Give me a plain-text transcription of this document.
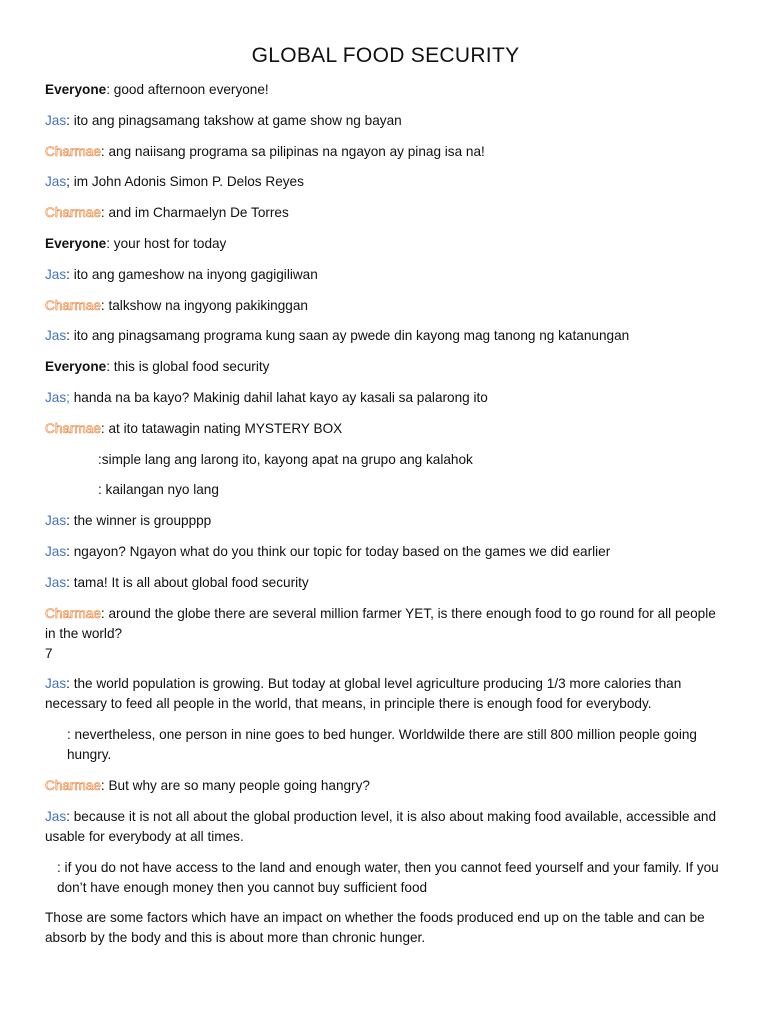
GLOBAL FOOD SECURITY

Everyone: good afternoon everyone!

Jas: ito ang pinagsamang takshow at game show ng bayan

Charmae: ang naiisang programa sa pilipinas na ngayon ay pinag isa na!

Jas; im John Adonis Simon P. Delos Reyes

Charmae: and im Charmaelyn De Torres

Everyone: your host for today

Jas: ito ang gameshow na inyong gagigiliwan

Charmae: talkshow na ingyong pakikinggan

Jas: ito ang pinagsamang programa kung saan ay pwede din kayong mag tanong ng katanungan

Everyone: this is global food security

Jas; handa na ba kayo? Makinig dahil lahat kayo ay kasali sa palarong ito

Charmae: at ito tatawagin nating MYSTERY BOX

:simple lang ang larong ito, kayong apat na grupo ang kalahok

: kailangan nyo lang

Jas: the winner is groupppp

Jas: ngayon? Ngayon what do you think our topic for today based on the games we did earlier

Jas: tama! It is all about global food security

Charmae: around the globe there are several million farmer YET, is there enough food to go round for all people in the world?

7

Jas: the world population is growing. But today at global level agriculture producing 1/3 more calories than necessary to feed all people in the world, that means, in principle there is enough food for everybody.

: nevertheless, one person in nine goes to bed hunger. Worldwilde there are still 800 million people going hungry.

Charmae: But why are so many people going hangry?

Jas: because it is not all about the global production level, it is also about making food available, accessible and usable for everybody at all times.

: if you do not have access to the land and enough water, then you cannot feed yourself and your family. If you don’t have enough money then you cannot buy sufficient food

Those are some factors which have an impact on whether the foods produced end up on the table and can be absorb by the body and this is about more than chronic hunger.
